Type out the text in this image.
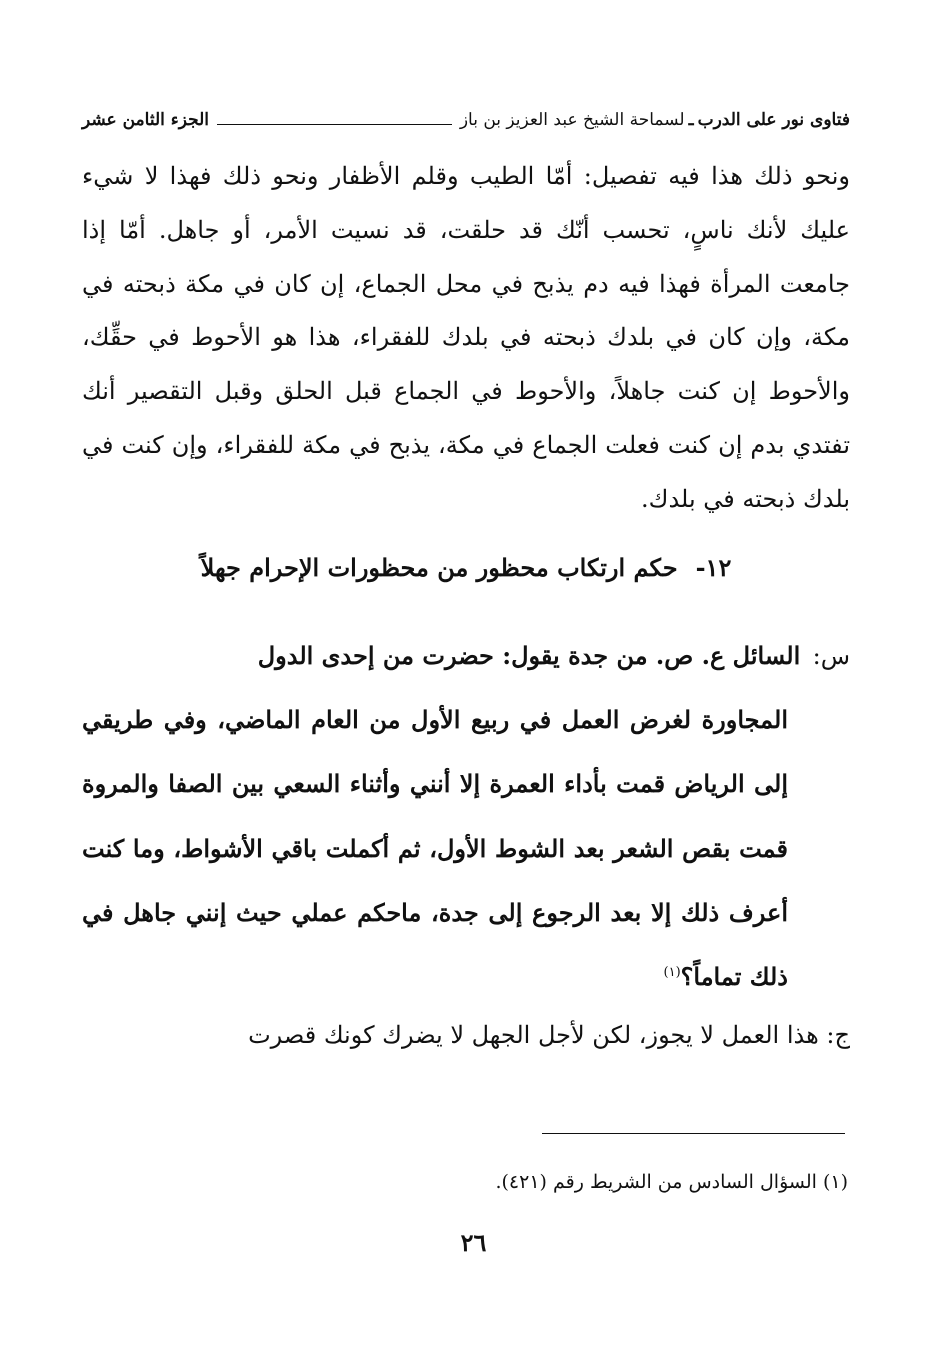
فتاوى نور على الدرب
ـ
لسماحة الشيخ عبد العزيز بن باز
الجزء الثامن عشر

ونحو ذلك هذا فيه تفصيل: أمّا الطيب وقلم الأظفار ونحو ذلك فهذا لا شيء عليك لأنك ناسٍ، تحسب أنّك قد حلقت، قد نسيت الأمر، أو جاهل. أمّا إذا جامعت المرأة فهذا فيه دم يذبح في محل الجماع، إن كان في مكة ذبحته في مكة، وإن كان في بلدك ذبحته في بلدك للفقراء، هذا هو الأحوط في حقِّك، والأحوط إن كنت جاهلاً، والأحوط في الجماع قبل الحلق وقبل التقصير أنك تفتدي بدم إن كنت فعلت الجماع في مكة، يذبح في مكة للفقراء، وإن كنت في بلدك ذبحته في بلدك.

١٢-حكم ارتكاب محظور من محظورات الإحرام جهلاً
س: السائل ع. ص. من جدة يقول: حضرت من إحدى الدول
المجاورة لغرض العمل في ربيع الأول من العام الماضي، وفي طريقي إلى الرياض قمت بأداء العمرة إلا أنني وأثناء السعي بين الصفا والمروة قمت بقص الشعر بعد الشوط الأول، ثم أكملت باقي الأشواط، وما كنت أعرف ذلك إلا بعد الرجوع إلى جدة، ماحكم عملي حيث إنني جاهل في ذلك تماماً؟$^{(١)}$
ج: هذا العمل لا يجوز، لكن لأجل الجهل لا يضرك كونك قصرت
(١) السؤال السادس من الشريط رقم (٤٢١).
٢٦
